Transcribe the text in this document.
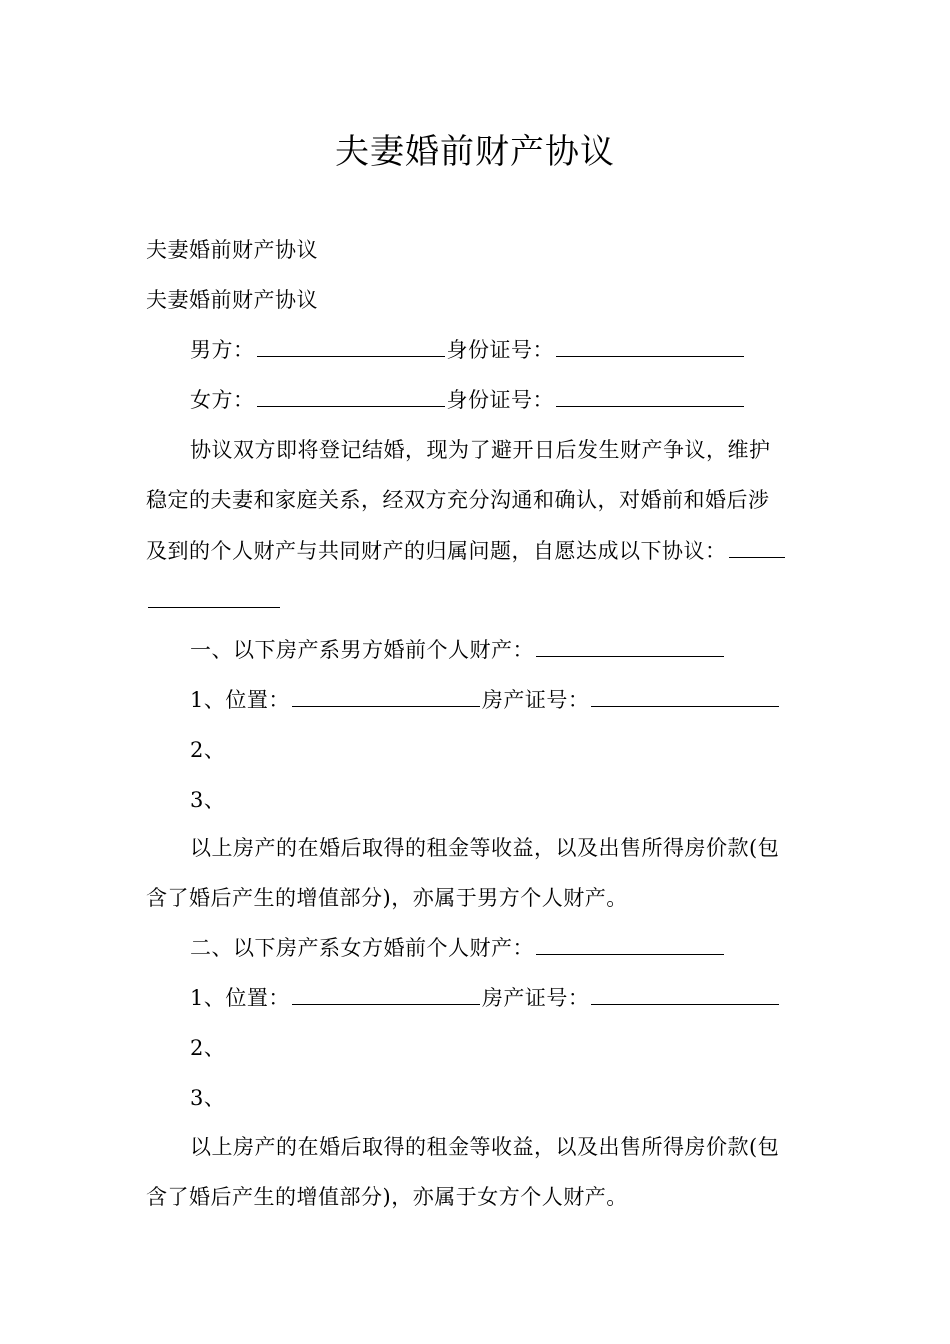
夫妻婚前财产协议
夫妻婚前财产协议
夫妻婚前财产协议
男方：	身份证号：
女方：	身份证号：
协议双方即将登记结婚，现为了避开日后发生财产争议，维护
稳定的夫妻和家庭关系，经双方充分沟通和确认，对婚前和婚后涉
及到的个人财产与共同财产的归属问题，自愿达成以下协议：
一、以下房产系男方婚前个人财产：
1、位置：	房产证号：
2、
3、
以上房产的在婚后取得的租金等收益，以及出售所得房价款(包
含了婚后产生的增值部分)，亦属于男方个人财产。
二、以下房产系女方婚前个人财产：
1、位置：	房产证号：
2、
3、
以上房产的在婚后取得的租金等收益，以及出售所得房价款(包
含了婚后产生的增值部分)，亦属于女方个人财产。
